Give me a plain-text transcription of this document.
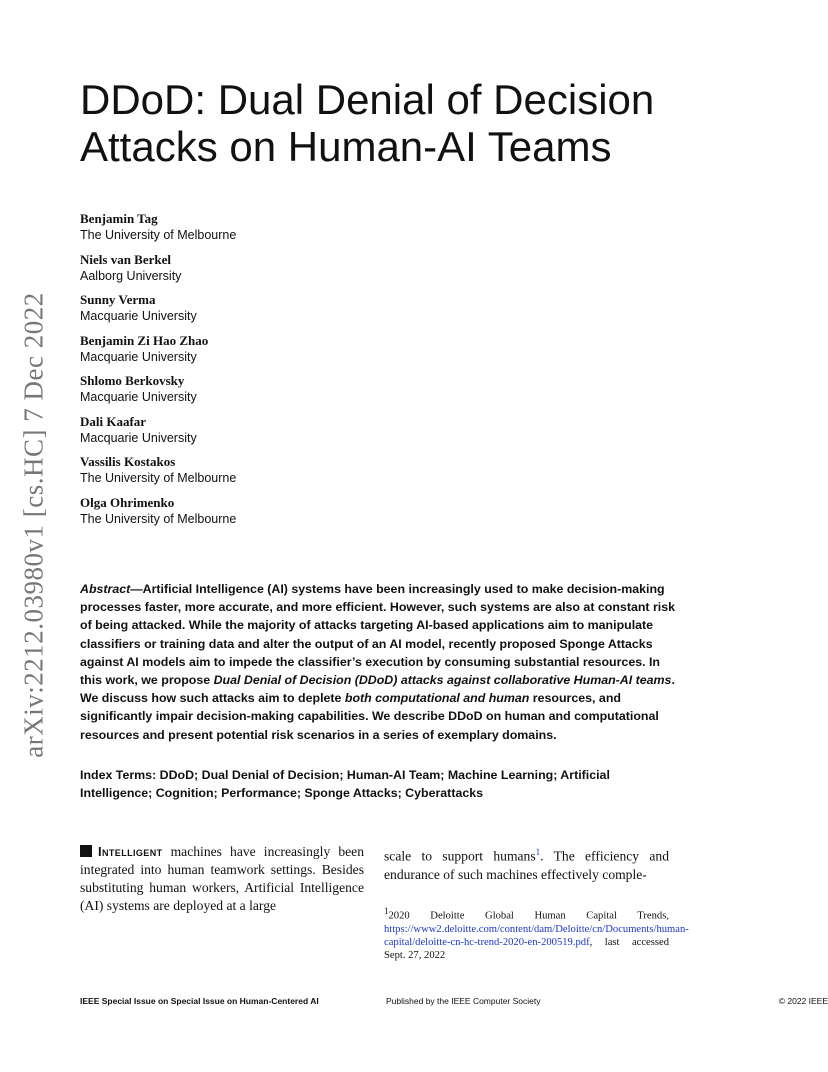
arXiv:2212.03980v1 [cs.HC] 7 Dec 2022
DDoD: Dual Denial of Decision
Attacks on Human-AI Teams
Benjamin Tag
The University of Melbourne
Niels van Berkel
Aalborg University
Sunny Verma
Macquarie University
Benjamin Zi Hao Zhao
Macquarie University
Shlomo Berkovsky
Macquarie University
Dali Kaafar
Macquarie University
Vassilis Kostakos
The University of Melbourne
Olga Ohrimenko
The University of Melbourne
Abstract—Artificial Intelligence (AI) systems have been increasingly used to make decision-making processes faster, more accurate, and more efficient. However, such systems are also at constant risk of being attacked. While the majority of attacks targeting AI-based applications aim to manipulate classifiers or training data and alter the output of an AI model, recently proposed Sponge Attacks against AI models aim to impede the classifier’s execution by consuming substantial resources. In this work, we propose Dual Denial of Decision (DDoD) attacks against collaborative Human-AI teams. We discuss how such attacks aim to deplete both computational and human resources, and significantly impair decision-making capabilities. We describe DDoD on human and computational resources and present potential risk scenarios in a series of exemplary domains.
Index Terms: DDoD; Dual Denial of Decision; Human-AI Team; Machine Learning; Artificial Intelligence; Cognition; Performance; Sponge Attacks; Cyberattacks
Intelligent machines have increasingly been integrated into human teamwork settings. Besides substituting human workers, Artificial Intelligence (AI) systems are deployed at a large
scale to support humans$^1$. The efficiency and endurance of such machines effectively comple-
$^1$2020 Deloitte Global Human Capital Trends, https://www2.deloitte.com/content/dam/Deloitte/cn/Documents/human-capital/deloitte-cn-hc-trend-2020-en-200519.pdf, last accessed Sept. 27, 2022
IEEE Special Issue on Special Issue on Human-Centered AI	Published by the IEEE Computer Society	© 2022 IEEE
